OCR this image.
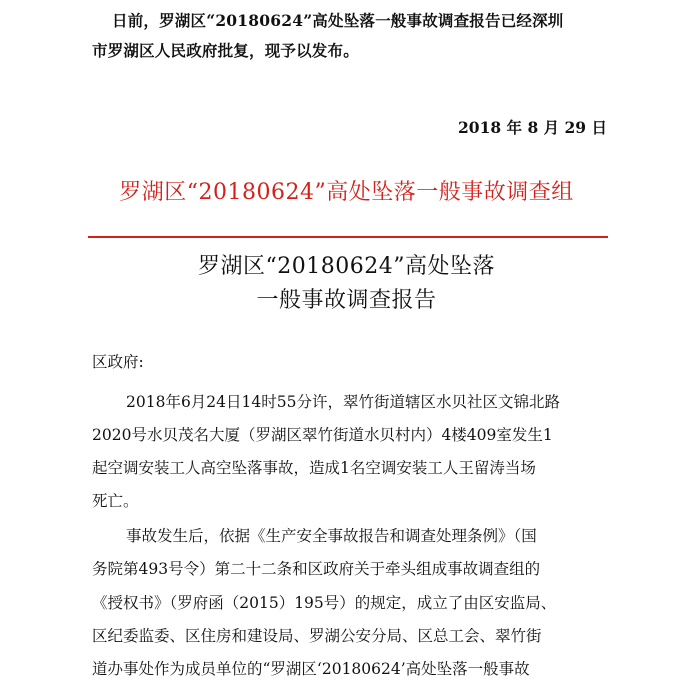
日前，罗湖区“20180624”高处坠落一般事故调查报告已经深圳
市罗湖区人民政府批复，现予以发布。
2018 年 8 月 29 日
罗湖区“20180624”高处坠落一般事故调查组
罗湖区“20180624”高处坠落
一般事故调查报告
区政府:
2018年6月24日14时55分许，翠竹街道辖区水贝社区文锦北路
2020号水贝茂名大厦（罗湖区翠竹街道水贝村内）4楼409室发生1
起空调安装工人高空坠落事故，造成1名空调安装工人王留涛当场
死亡。
事故发生后，依据《生产安全事故报告和调查处理条例》（国
务院第493号令）第二十二条和区政府关于牵头组成事故调查组的
《授权书》（罗府函（2015）195号）的规定，成立了由区安监局、
区纪委监委、区住房和建设局、罗湖公安分局、区总工会、翠竹街
道办事处作为成员单位的“罗湖区‘20180624’高处坠落一般事故
